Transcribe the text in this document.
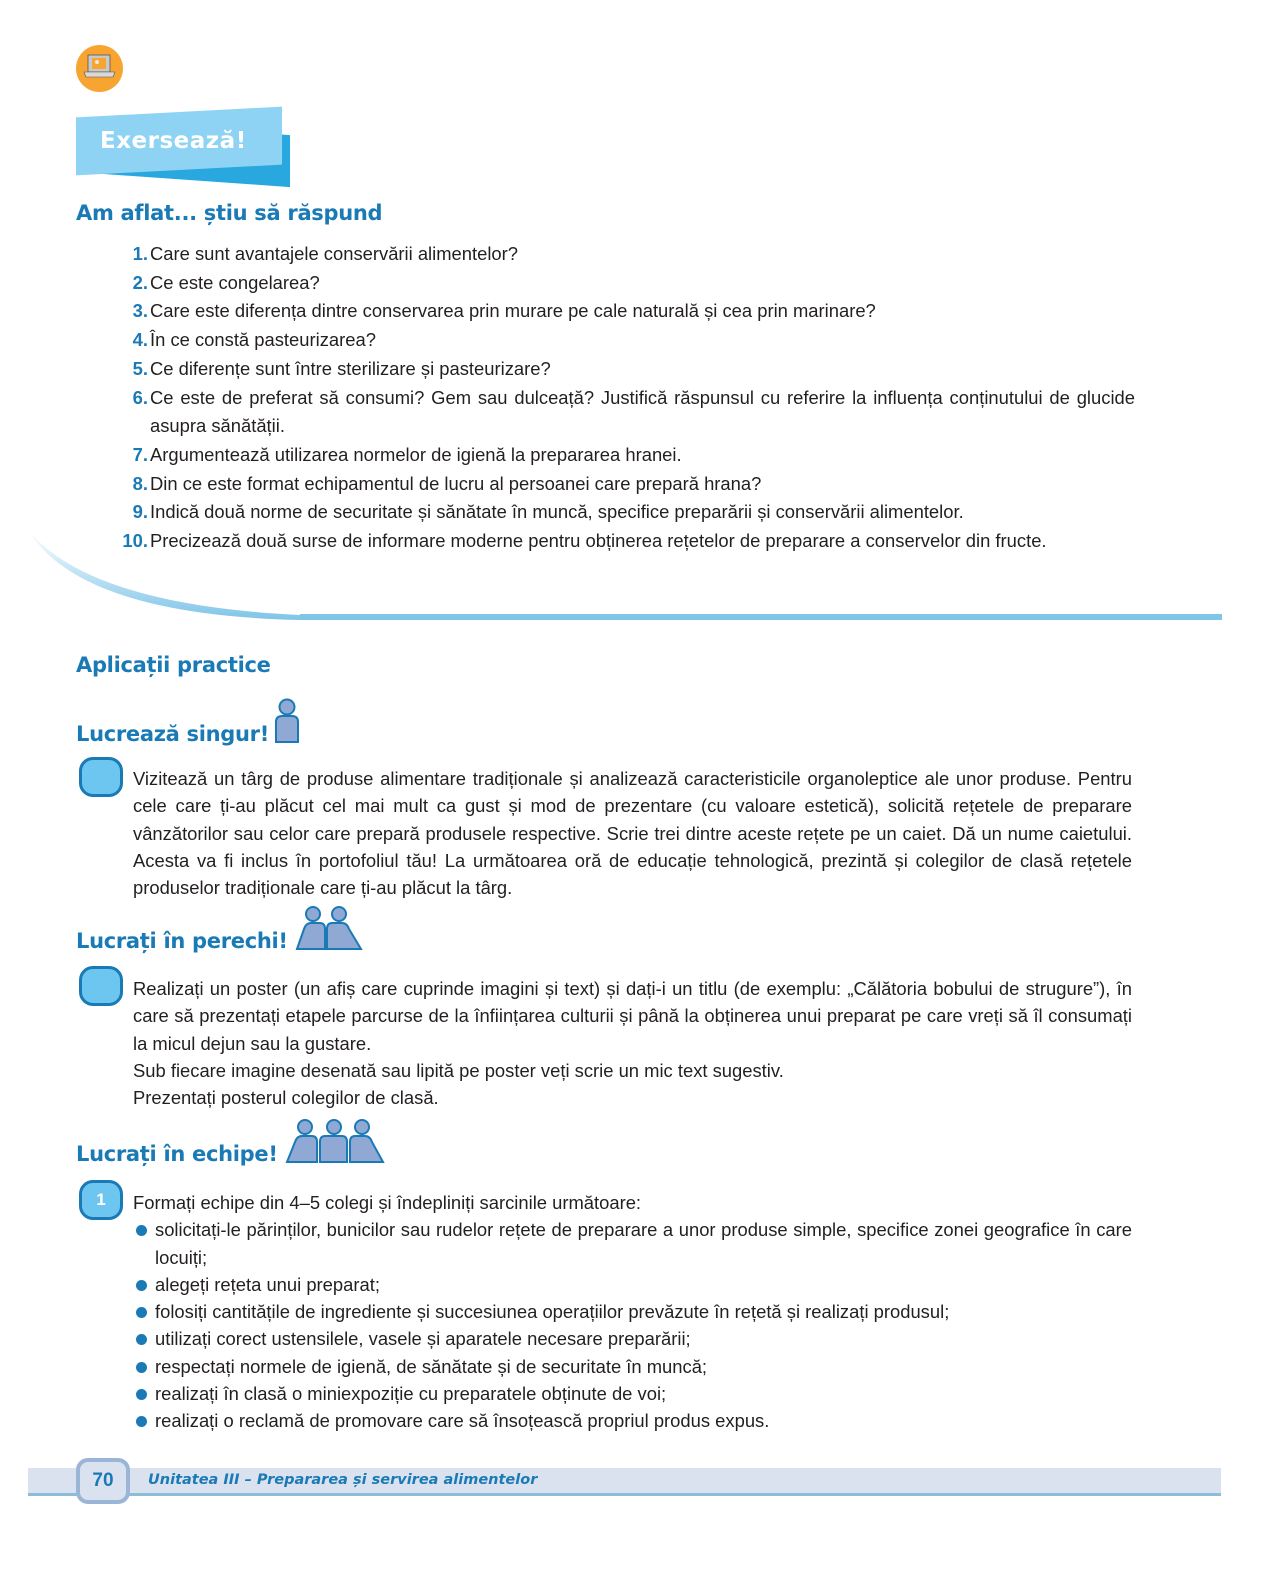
Exersează!
Am aflat... știu să răspund
1. Care sunt avantajele conservării alimentelor?
2. Ce este congelarea?
3. Care este diferența dintre conservarea prin murare pe cale naturală și cea prin marinare?
4. În ce constă pasteurizarea?
5. Ce diferențe sunt între sterilizare și pasteurizare?
6. Ce este de preferat să consumi? Gem sau dulceață? Justifică răspunsul cu referire la influența conținutului de glucide asupra sănătății.
7. Argumentează utilizarea normelor de igienă la prepararea hranei.
8. Din ce este format echipamentul de lucru al persoanei care prepară hrana?
9. Indică două norme de securitate și sănătate în muncă, specifice preparării și conservării alimentelor.
10. Precizează două surse de informare moderne pentru obținerea rețetelor de preparare a conservelor din fructe.
Aplicații practice
Lucrează singur!
Vizitează un târg de produse alimentare tradiționale și analizează caracteristicile organoleptice ale unor produse. Pentru cele care ți-au plăcut cel mai mult ca gust și mod de prezentare (cu valoare estetică), solicită rețetele de preparare vânzătorilor sau celor care prepară produsele respective. Scrie trei dintre aceste rețete pe un caiet. Dă un nume caietului. Acesta va fi inclus în portofoliul tău! La următoarea oră de educație tehnologică, prezintă și colegilor de clasă rețetele produselor tradiționale care ți-au plăcut la târg.
Lucrați în perechi!
Realizați un poster (un afiș care cuprinde imagini și text) și dați-i un titlu (de exemplu: „Călătoria bobului de strugure”), în care să prezentați etapele parcurse de la înființarea culturii și până la obținerea unui preparat pe care vreți să îl consumați la micul dejun sau la gustare.
Sub fiecare imagine desenată sau lipită pe poster veți scrie un mic text sugestiv.
Prezentați posterul colegilor de clasă.
Lucrați în echipe!
1	Formați echipe din 4–5 colegi și îndepliniți sarcinile următoare:
solicitați-le părinților, bunicilor sau rudelor rețete de preparare a unor produse simple, specifice zonei geografice în care locuiți;
alegeți rețeta unui preparat;
folosiți cantitățile de ingrediente și succesiunea operațiilor prevăzute în rețetă și realizați produsul;
utilizați corect ustensilele, vasele și aparatele necesare preparării;
respectați normele de igienă, de sănătate și de securitate în muncă;
realizați în clasă o miniexpoziție cu preparatele obținute de voi;
realizați o reclamă de promovare care să însoțească propriul produs expus.
70	Unitatea III – Prepararea și servirea alimentelor
